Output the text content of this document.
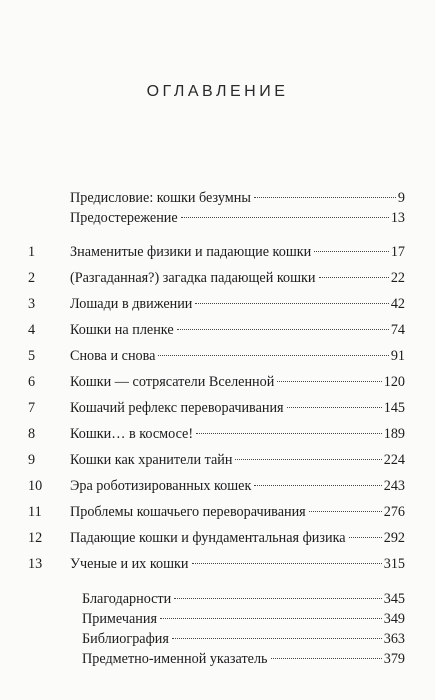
ОГЛАВЛЕНИЕ
Предисловие: кошки безумны	9
Предостережение	13
1	Знаменитые физики и падающие кошки	17
2	(Разгаданная?) загадка падающей кошки	22
3	Лошади в движении	42
4	Кошки на пленке	74
5	Снова и снова	91
6	Кошки — сотрясатели Вселенной	120
7	Кошачий рефлекс переворачивания	145
8	Кошки… в космосе!	189
9	Кошки как хранители тайн	224
10	Эра роботизированных кошек	243
11	Проблемы кошачьего переворачивания	276
12	Падающие кошки и фундаментальная физика	292
13	Ученые и их кошки	315
Благодарности	345
Примечания	349
Библиография	363
Предметно-именной указатель	379
